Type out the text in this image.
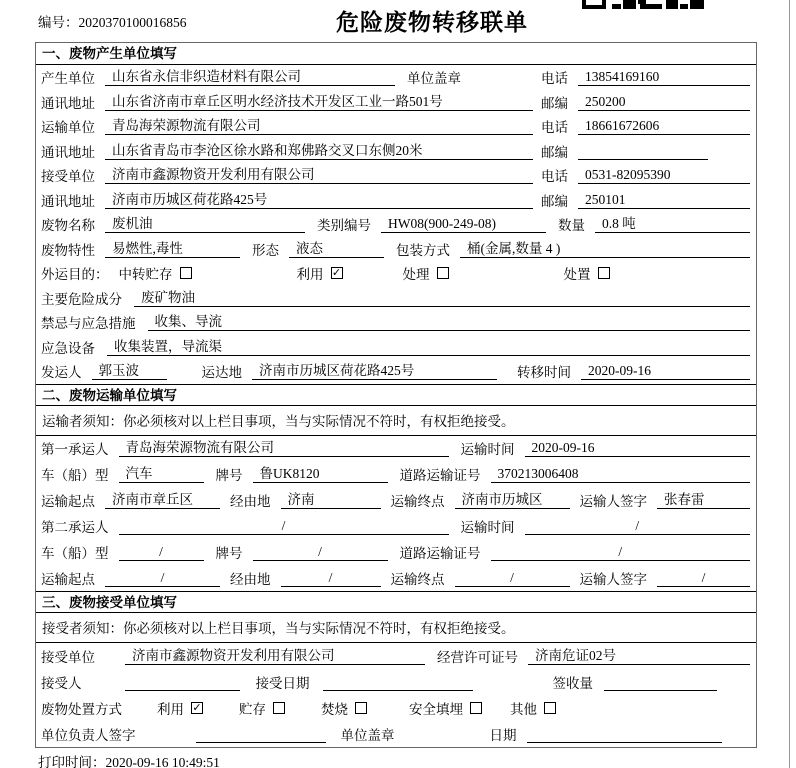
编号：2020370100016856	危险废物转移联单
一、废物产生单位填写
产生单位	山东省永信非织造材料有限公司	单位盖章	电话	13854169160
通讯地址	山东省济南市章丘区明水经济技术开发区工业一路501号	邮编	250200
运输单位	青岛海荣源物流有限公司	电话	18661672606
通讯地址	山东省青岛市李沧区徐水路和郑佛路交叉口东侧20米	邮编
接受单位	济南市鑫源物资开发利用有限公司	电话	0531-82095390
通讯地址	济南市历城区荷花路425号	邮编	250101
废物名称	废机油	类别编号	HW08(900-249-08)	数量	0.8 吨
废物特性	易燃性,毒性	形态	液态	包装方式	桶(金属,数量 4 )
外运目的： 中转贮存	利用 ✓	处理	处置
主要危险成分	废矿物油
禁忌与应急措施	收集、导流
应急设备	收集装置，导流渠
发运人	郭玉波	运达地	济南市历城区荷花路425号	转移时间	2020-09-16
二、废物运输单位填写
运输者须知：你必须核对以上栏目事项，当与实际情况不符时，有权拒绝接受。
第一承运人	青岛海荣源物流有限公司	运输时间	2020-09-16
车（船）型	汽车	牌号	鲁UK8120	道路运输证号	370213006408
运输起点	济南市章丘区	经由地	济南	运输终点	济南市历城区	运输人签字	张春雷
第二承运人	/	运输时间	/
车（船）型	/	牌号	/	道路运输证号	/
运输起点	/	经由地	/	运输终点	/	运输人签字	/
三、废物接受单位填写
接受者须知：你必须核对以上栏目事项，当与实际情况不符时，有权拒绝接受。
接受单位	济南市鑫源物资开发利用有限公司	经营许可证号	济南危证02号
接受人	接受日期	签收量
废物处置方式	利用 ✓	贮存	焚烧	安全填埋	其他
单位负责人签字	单位盖章	日期
打印时间：2020-09-16 10:49:51
